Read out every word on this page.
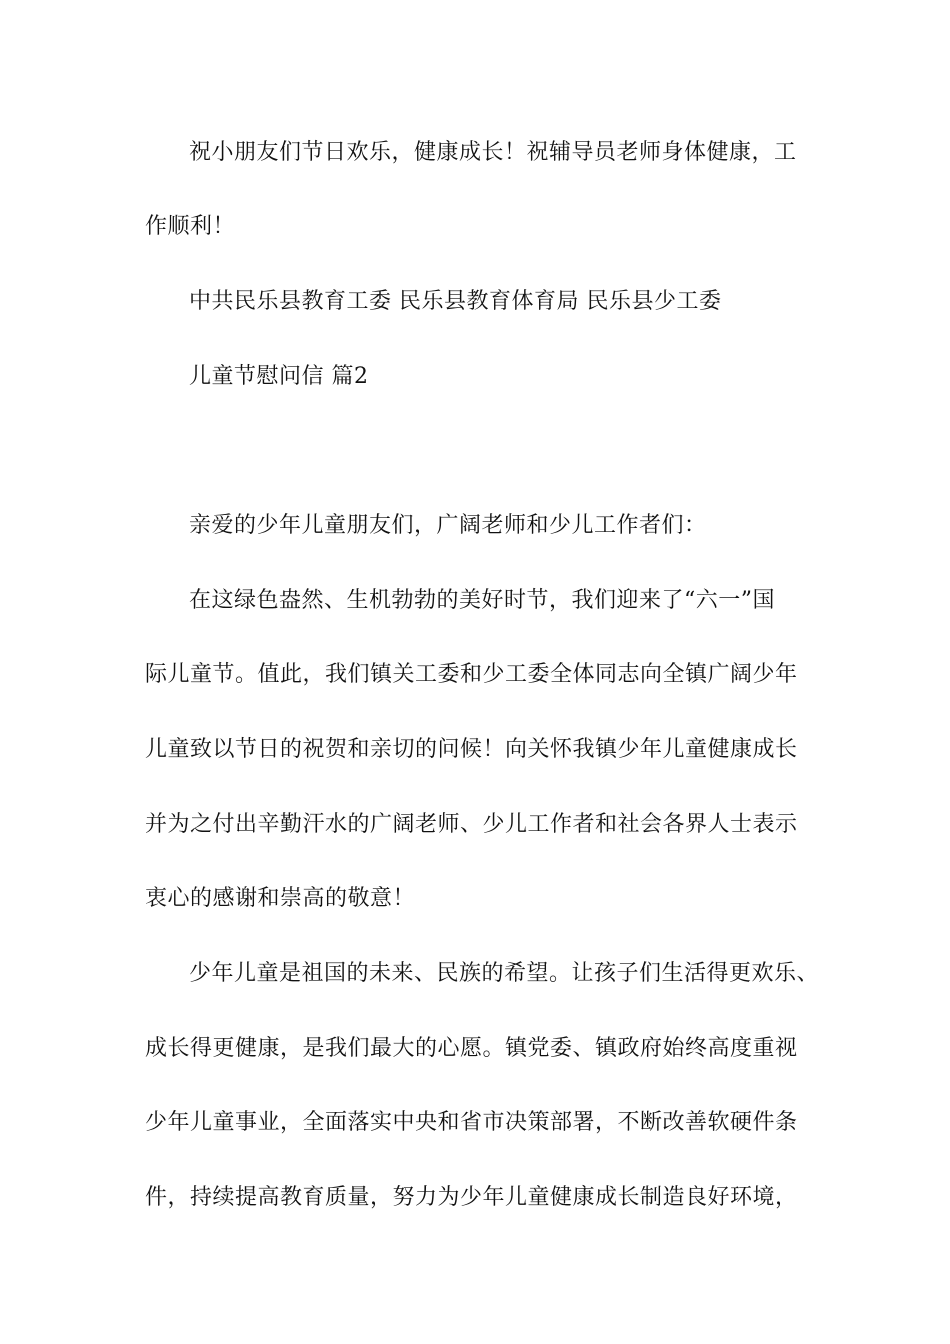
祝小朋友们节日欢乐，健康成长！祝辅导员老师身体健康，工
作顺利！
中共民乐县教育工委 民乐县教育体育局 民乐县少工委
儿童节慰问信 篇2
亲爱的少年儿童朋友们，广阔老师和少儿工作者们：
在这绿色盎然、生机勃勃的美好时节，我们迎来了“六一”国
际儿童节。值此，我们镇关工委和少工委全体同志向全镇广阔少年
儿童致以节日的祝贺和亲切的问候！向关怀我镇少年儿童健康成长
并为之付出辛勤汗水的广阔老师、少儿工作者和社会各界人士表示
衷心的感谢和崇高的敬意！
少年儿童是祖国的未来、民族的希望。让孩子们生活得更欢乐、
成长得更健康，是我们最大的心愿。镇党委、镇政府始终高度重视
少年儿童事业，全面落实中央和省市决策部署，不断改善软硬件条
件，持续提高教育质量，努力为少年儿童健康成长制造良好环境，
